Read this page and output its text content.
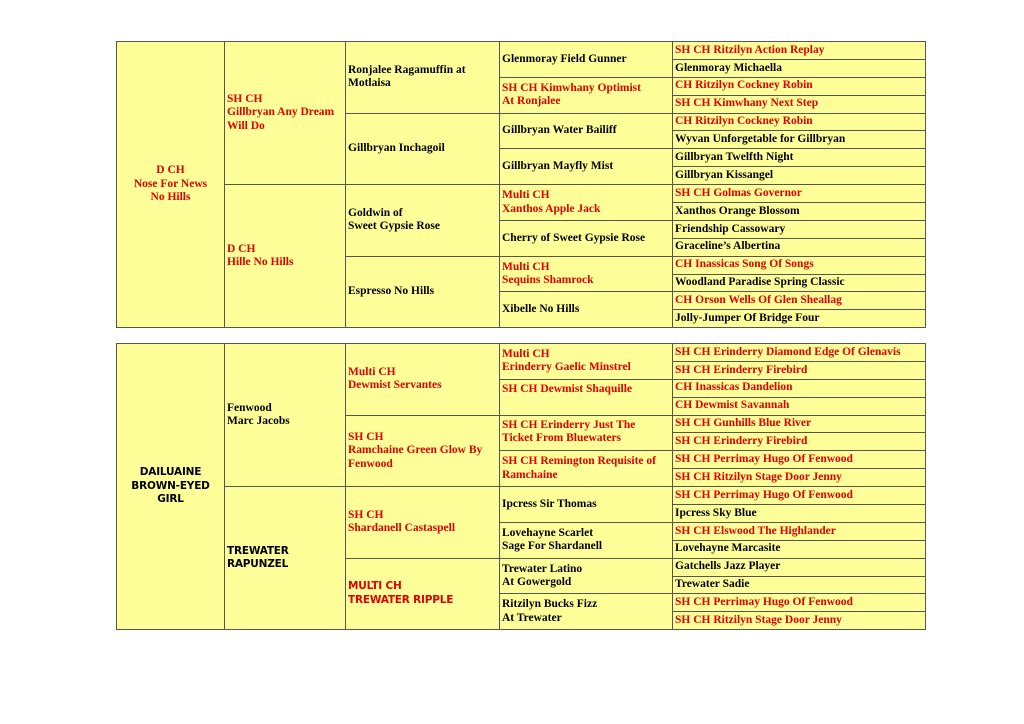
D CH
Nose For News
No Hills	SH CH
Gillbryan Any Dream
Will Do	Ronjalee Ragamuffin at
Motlaisa	Glenmoray Field Gunner	SH CH Ritzilyn Action Replay
				Glenmoray Michaella
			SH CH Kimwhany Optimist
At Ronjalee	CH Ritzilyn Cockney Robin
				SH CH Kimwhany Next Step
		Gillbryan Inchagoil	Gillbryan Water Bailiff	CH Ritzilyn Cockney Robin
				Wyvan Unforgetable for Gillbryan
			Gillbryan Mayfly Mist	Gillbryan Twelfth Night
				Gillbryan Kissangel
	D CH
Hille No Hills	Goldwin of
Sweet Gypsie Rose	Multi CH
Xanthos Apple Jack	SH CH Golmas Governor
				Xanthos Orange Blossom
			Cherry of Sweet Gypsie Rose	Friendship Cassowary
				Graceline’s Albertina
		Espresso No Hills	Multi CH
Sequins Shamrock	CH Inassicas Song Of Songs
				Woodland Paradise Spring Classic
			Xibelle No Hills	CH Orson Wells Of Glen Sheallag
				Jolly-Jumper Of Bridge Four
DAILUAINE
BROWN-EYED GIRL	Fenwood
Marc Jacobs	Multi CH
Dewmist Servantes	Multi CH
Erinderry Gaelic Minstrel	SH CH Erinderry Diamond Edge Of Glenavis
				SH CH Erinderry Firebird
			SH CH Dewmist Shaquille	CH Inassicas Dandelion
				CH Dewmist Savannah
		SH CH
Ramchaine Green Glow By
Fenwood	SH CH Erinderry Just The
Ticket From Bluewaters	SH CH Gunhills Blue River
				SH CH Erinderry Firebird
			SH CH Remington Requisite of
Ramchaine	SH CH Perrimay Hugo Of Fenwood
				SH CH Ritzilyn Stage Door Jenny
	TREWATER
RAPUNZEL	SH CH
Shardanell Castaspell	Ipcress Sir Thomas	SH CH Perrimay Hugo Of Fenwood
				Ipcress Sky Blue
			Lovehayne Scarlet
Sage For Shardanell	SH CH Elswood The Highlander
				Lovehayne Marcasite
		MULTI CH
TREWATER RIPPLE	Trewater Latino
At Gowergold	Gatchells Jazz Player
				Trewater Sadie
			Ritzilyn Bucks Fizz
At Trewater	SH CH Perrimay Hugo Of Fenwood
				SH CH Ritzilyn Stage Door Jenny
